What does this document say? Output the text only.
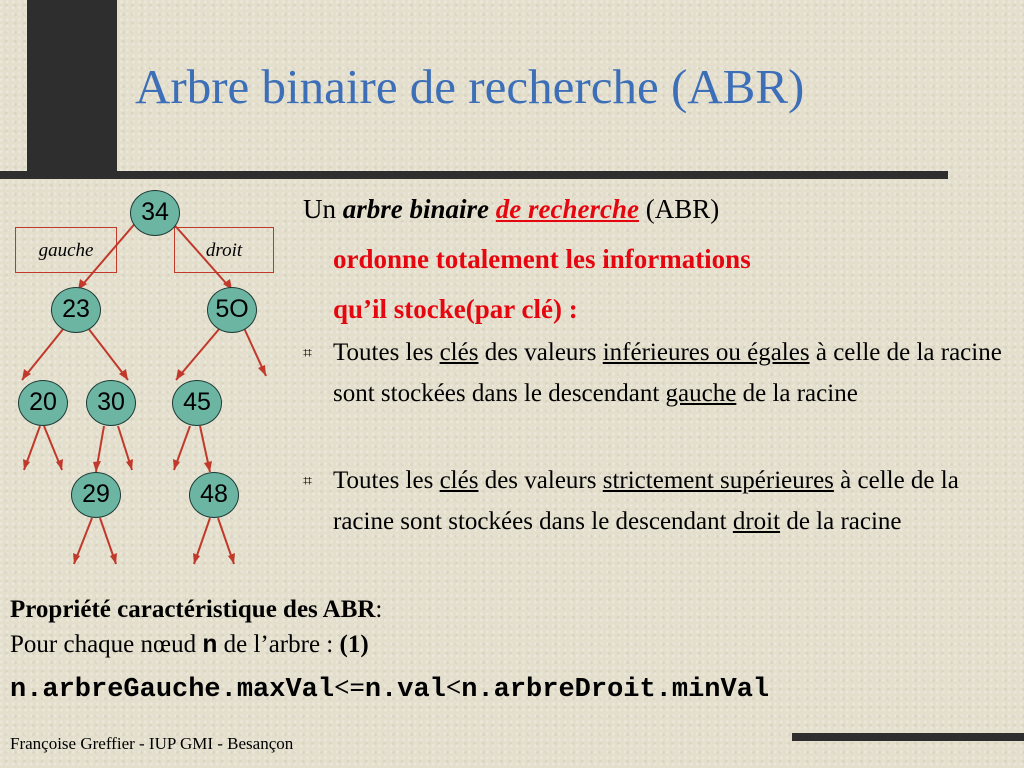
Arbre binaire de recherche (ABR)
gauche	droit
34
23	5O
20	30	45
29	48
Un arbre binaire de recherche (ABR)
ordonne totalement les informations
qu’il stocke(par clé) :
⌗ Toutes les clés des valeurs inférieures ou égales à celle de la racine sont stockées dans le descendant gauche de la racine
⌗ Toutes les clés des valeurs strictement supérieures à celle de la racine sont stockées dans le descendant droit de la racine
Propriété caractéristique des ABR:
Pour chaque nœud n de l’arbre : (1)
n.arbreGauche.maxVal<=n.val<n.arbreDroit.minVal
Françoise Greffier - IUP GMI - Besançon
